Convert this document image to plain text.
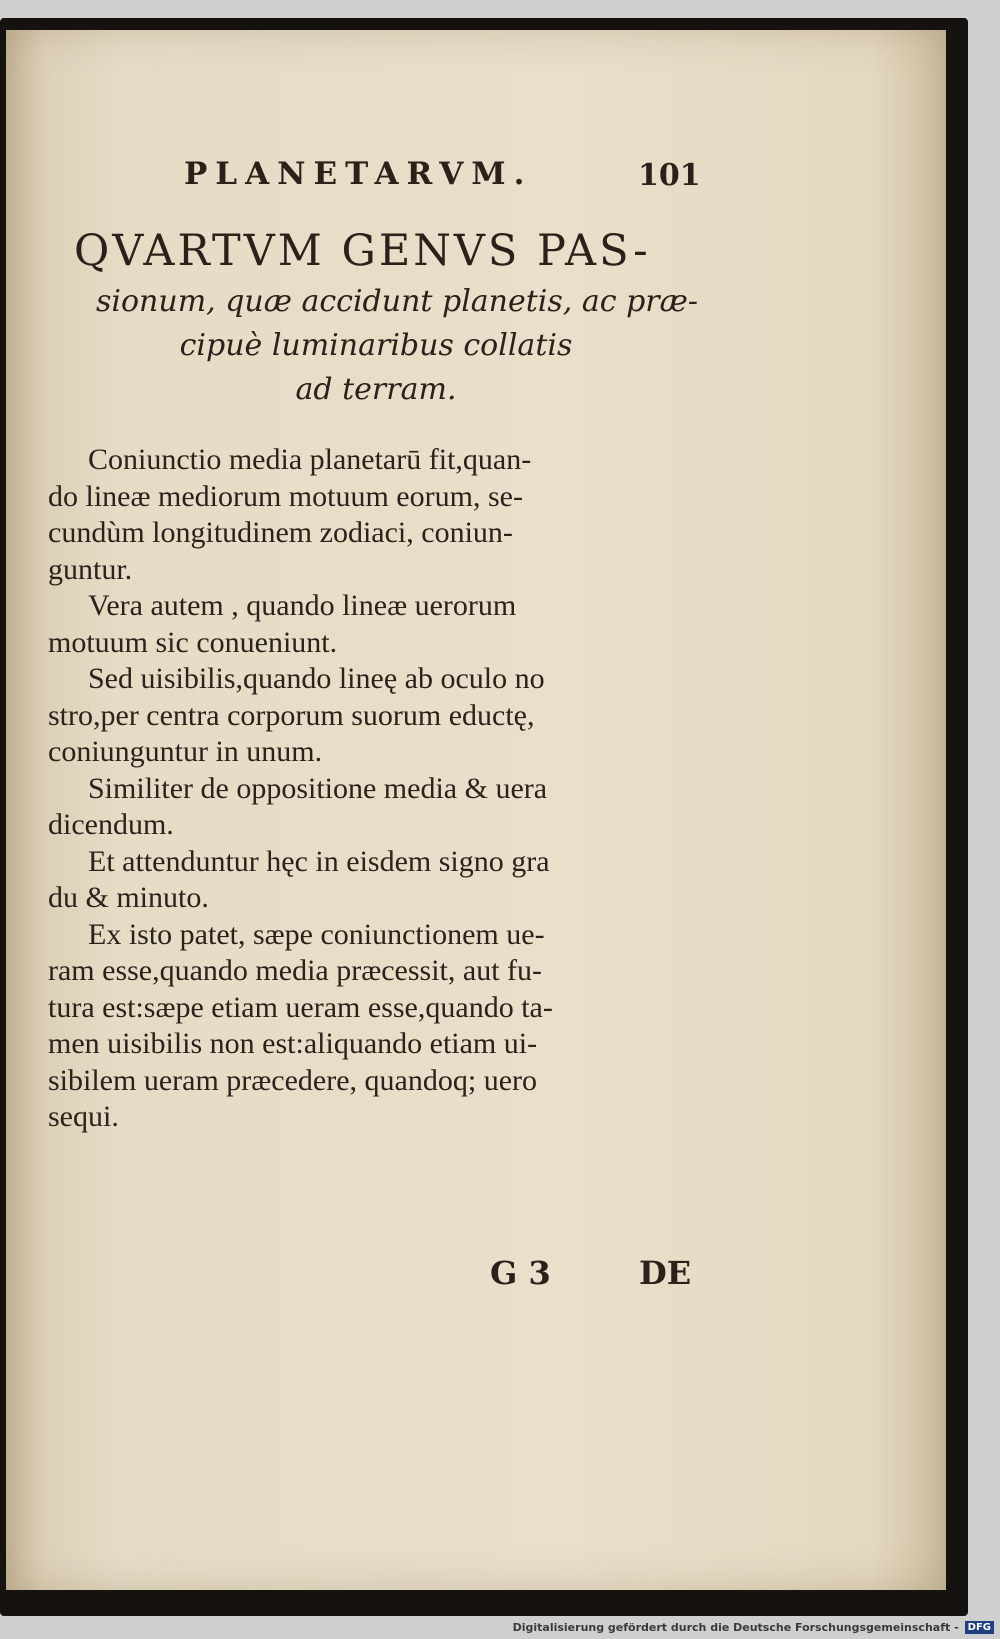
PLANETARVM.	101
QVARTVM GENVS PAS-
sionum, quæ accidunt planetis, ac præ-
cipuè luminaribus collatis
ad terram.
Coniunctio media planetarū fit,quan-
do lineæ mediorum motuum eorum, se-
cundùm longitudinem zodiaci, coniun-
guntur.
Vera autem , quando lineæ uerorum
motuum sic conueniunt.
Sed uisibilis,quando lineę ab oculo no
stro,per centra corporum suorum eductę,
coniunguntur in unum.
Similiter de oppositione media & uera
dicendum.
Et attenduntur hęc in eisdem signo gra
du & minuto.
Ex isto patet, sæpe coniunctionem ue-
ram esse,quando media præcessit, aut fu-
tura est:sæpe etiam ueram esse,quando ta-
men uisibilis non est:aliquando etiam ui-
sibilem ueram præcedere, quandoq; uero
sequi.
G 3	DE
Digitalisierung gefördert durch die Deutsche Forschungsgemeinschaft - DFG
